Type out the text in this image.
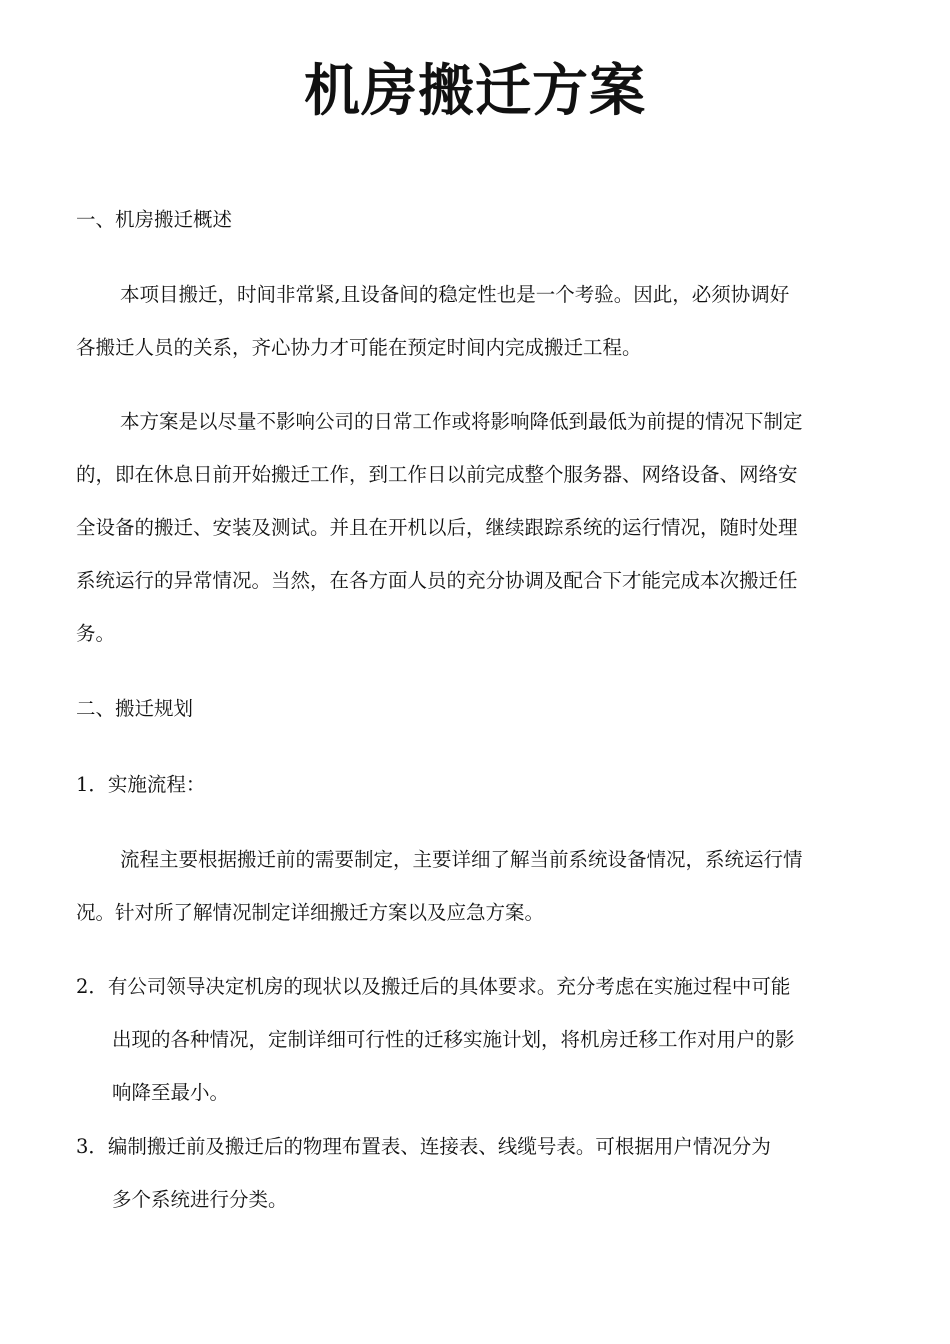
机房搬迁方案

一、机房搬迁概述

本项目搬迁，时间非常紧,且设备间的稳定性也是一个考验。因此，必须协调好

各搬迁人员的关系，齐心协力才可能在预定时间内完成搬迁工程。

本方案是以尽量不影响公司的日常工作或将影响降低到最低为前提的情况下制定

的，即在休息日前开始搬迁工作，到工作日以前完成整个服务器、网络设备、网络安

全设备的搬迁、安装及测试。并且在开机以后，继续跟踪系统的运行情况，随时处理

系统运行的异常情况。当然，在各方面人员的充分协调及配合下才能完成本次搬迁任

务。

二、搬迁规划

1．实施流程：

流程主要根据搬迁前的需要制定，主要详细了解当前系统设备情况，系统运行情

况。针对所了解情况制定详细搬迁方案以及应急方案。

2．有公司领导决定机房的现状以及搬迁后的具体要求。充分考虑在实施过程中可能

出现的各种情况，定制详细可行性的迁移实施计划，将机房迁移工作对用户的影

响降至最小。

3．编制搬迁前及搬迁后的物理布置表、连接表、线缆号表。可根据用户情况分为

多个系统进行分类。
